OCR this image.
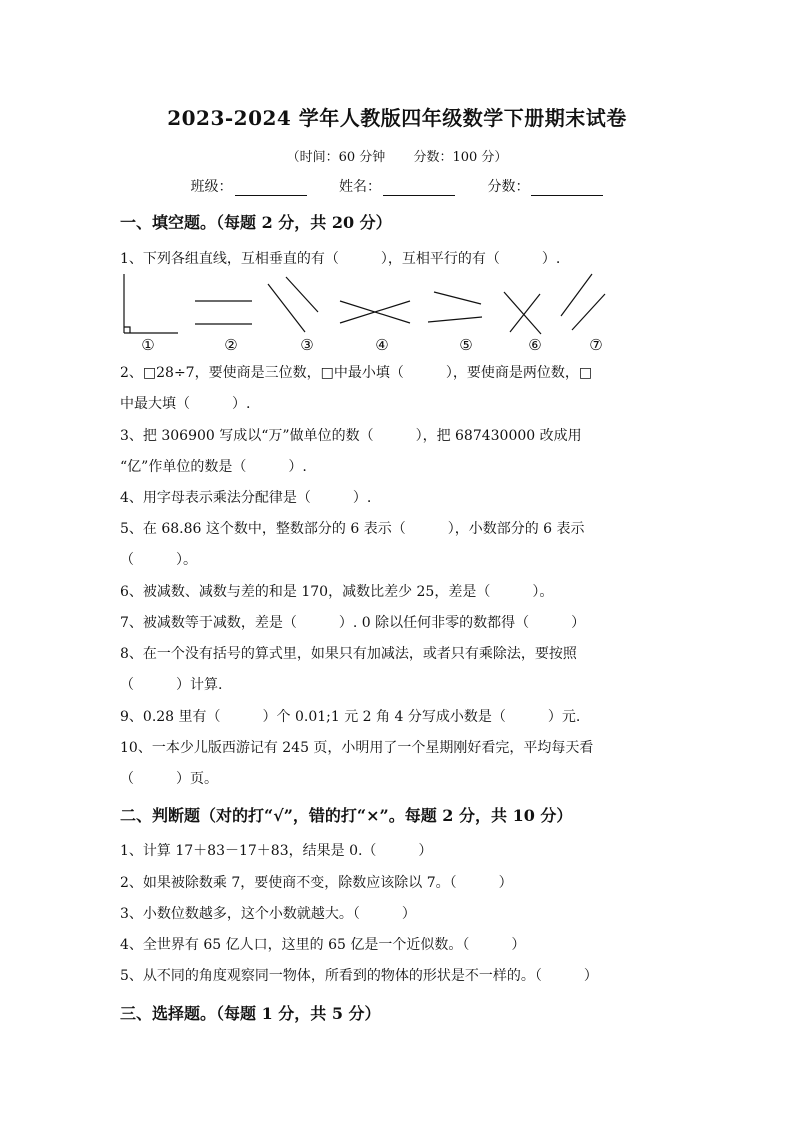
2023-2024 学年人教版四年级数学下册期末试卷
（时间：60 分钟 分数：100 分）
班级：	姓名：	分数：
一、填空题。（每题 2 分，共 20 分）
1、下列各组直线，互相垂直的有（　　　），互相平行的有（　　　）.
①	②	③	④	⑤	⑥	⑦
2、□28÷7，要使商是三位数，□中最小填（　　　），要使商是两位数，□
中最大填（　　　）.
3、把 306900 写成以“万”做单位的数（　　　），把 687430000 改成用
“亿”作单位的数是（　　　）.
4、用字母表示乘法分配律是（　　　）.
5、在 68.86 这个数中，整数部分的 6 表示（　　　），小数部分的 6 表示
（　　　）。
6、被减数、减数与差的和是 170，减数比差少 25，差是（　　　）。
7、被减数等于减数，差是（　　　）. 0 除以任何非零的数都得（　　　）
8、在一个没有括号的算式里，如果只有加减法，或者只有乘除法，要按照
（　　　）计算.
9、0.28 里有（　　　）个 0.01;1 元 2 角 4 分写成小数是（　　　）元.
10、一本少儿版西游记有 245 页，小明用了一个星期刚好看完，平均每天看
（　　　）页。
二、判断题（对的打“√”，错的打“×”。每题 2 分，共 10 分）
1、计算 17＋83－17＋83，结果是 0.（　　　）
2、如果被除数乘 7，要使商不变，除数应该除以 7。（　　　）
3、小数位数越多，这个小数就越大。（　　　）
4、全世界有 65 亿人口，这里的 65 亿是一个近似数。（　　　）
5、从不同的角度观察同一物体，所看到的物体的形状是不一样的。（　　　）
三、选择题。（每题 1 分，共 5 分）
